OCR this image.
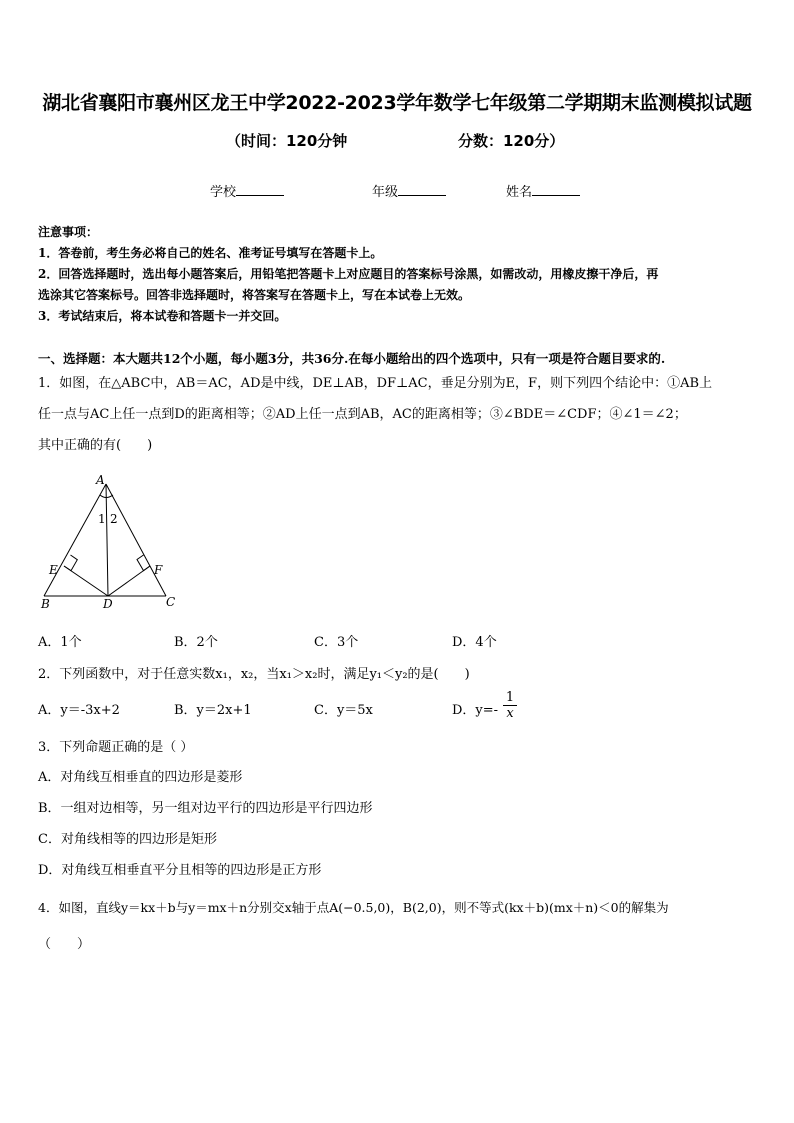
湖北省襄阳市襄州区龙王中学2022-2023学年数学七年级第二学期期末监测模拟试题
（时间：120分钟	分数：120分）
学校	年级	姓名
注意事项：
1．答卷前，考生务必将自己的姓名、准考证号填写在答题卡上。
2．回答选择题时，选出每小题答案后，用铅笔把答题卡上对应题目的答案标号涂黑，如需改动，用橡皮擦干净后，再
选涂其它答案标号。回答非选择题时，将答案写在答题卡上，写在本试卷上无效。
3．考试结束后，将本试卷和答题卡一并交回。
一、选择题：本大题共12个小题，每小题3分，共36分.在每小题给出的四个选项中，只有一项是符合题目要求的.
1．如图，在△ABC中，AB＝AC，AD是中线，DE⊥AB，DF⊥AC，垂足分别为E，F，则下列四个结论中：①AB上
任一点与AC上任一点到D的距离相等；②AD上任一点到AB，AC的距离相等；③∠BDE＝∠CDF；④∠1＝∠2；
其中正确的有(　　)
A
B	C
D
E	F
1 2
A．1个	B．2个	C．3个	D．4个
2．下列函数中，对于任意实数x₁，x₂，当x₁＞x₂时，满足y₁＜y₂的是(　　)
A．y＝-3x+2	B．y＝2x+1	C．y＝5x	D．$y=- \frac{1}{x}$
3．下列命题正确的是（ ）
A．对角线互相垂直的四边形是菱形
B．一组对边相等，另一组对边平行的四边形是平行四边形
C．对角线相等的四边形是矩形
D．对角线互相垂直平分且相等的四边形是正方形
4．如图，直线y＝kx＋b与y＝mx＋n分别交x轴于点A(−0.5,0)，B(2,0)，则不等式(kx＋b)(mx＋n)＜0的解集为
（　　）
